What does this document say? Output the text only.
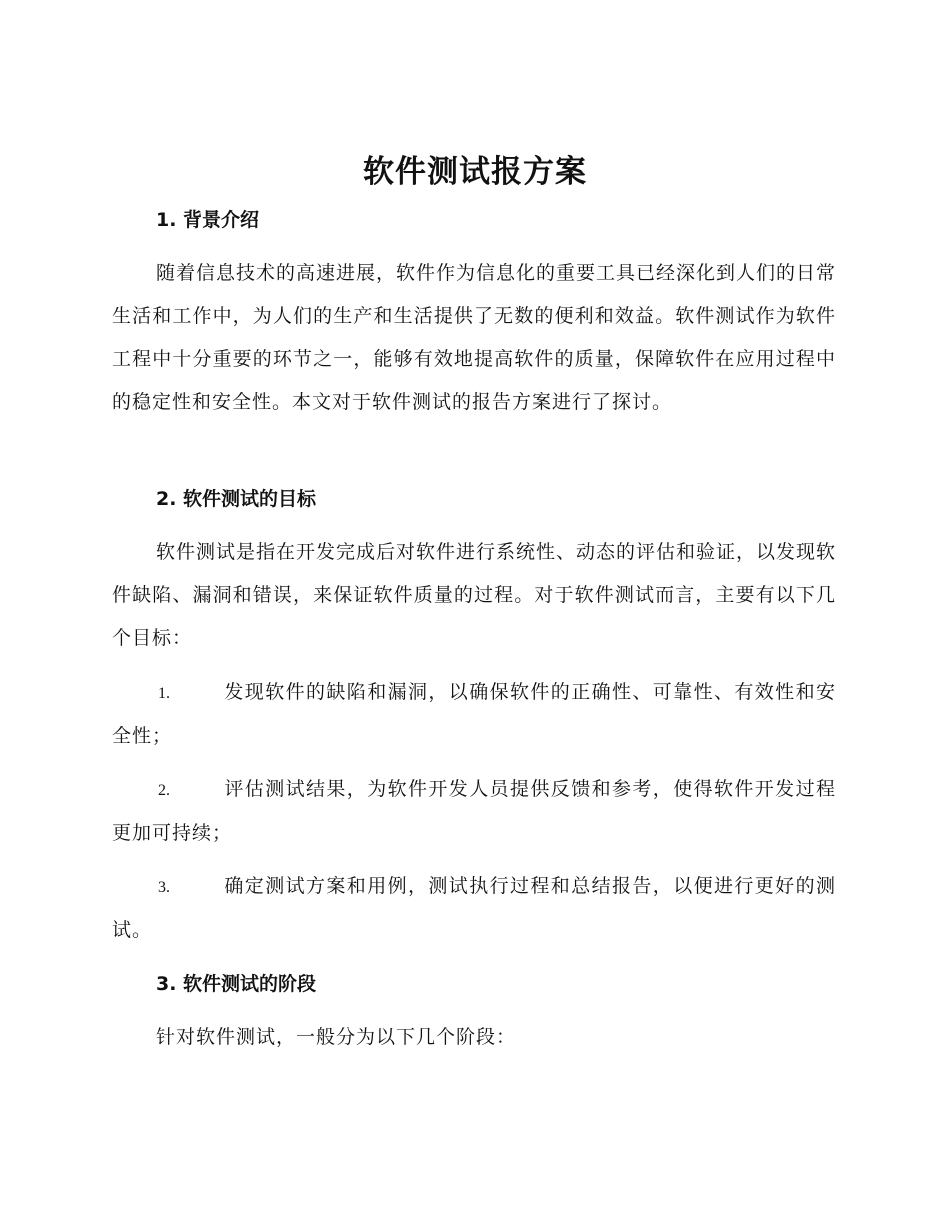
软件测试报方案
1. 背景介绍

随着信息技术的高速进展，软件作为信息化的重要工具已经深化到人们的日常生活和工作中，为人们的生产和生活提供了无数的便利和效益。软件测试作为软件工程中十分重要的环节之一，能够有效地提高软件的质量，保障软件在应用过程中的稳定性和安全性。本文对于软件测试的报告方案进行了探讨。

2. 软件测试的目标

软件测试是指在开发完成后对软件进行系统性、动态的评估和验证，以发现软件缺陷、漏洞和错误，来保证软件质量的过程。对于软件测试而言，主要有以下几个目标：

1.	发现软件的缺陷和漏洞，以确保软件的正确性、可靠性、有效性和安全性；

2.	评估测试结果，为软件开发人员提供反馈和参考，使得软件开发过程更加可持续；

3.	确定测试方案和用例，测试执行过程和总结报告，以便进行更好的测试。

3. 软件测试的阶段

针对软件测试，一般分为以下几个阶段：
